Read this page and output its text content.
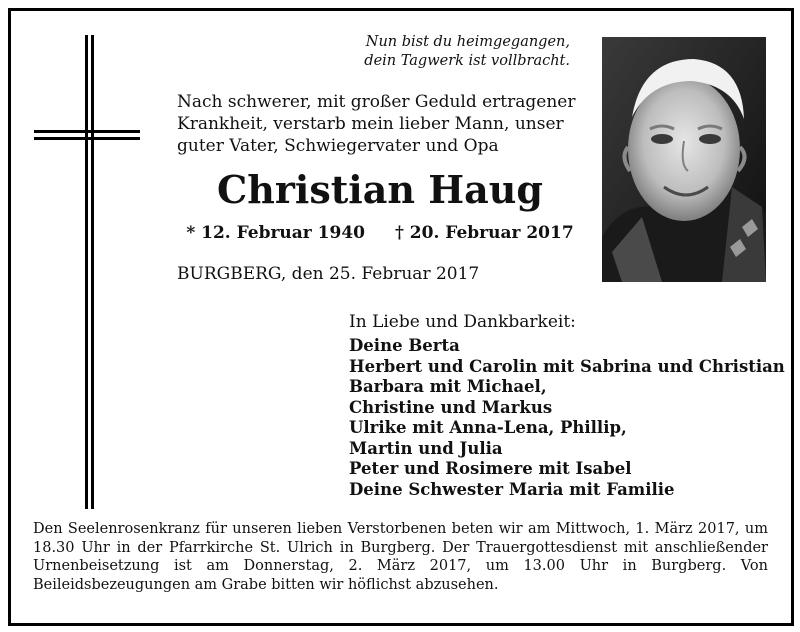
Nun bist du heimgegangen,
dein Tagwerk ist vollbracht.
Nach schwerer, mit großer Geduld ertragener
Krankheit, verstarb mein lieber Mann, unser
guter Vater, Schwiegervater und Opa
Christian Haug
* 12. Februar 1940 † 20. Februar 2017
BURGBERG, den 25. Februar 2017
In Liebe und Dankbarkeit:
Deine Berta
Herbert und Carolin mit Sabrina und Christian
Barbara mit Michael,
Christine und Markus
Ulrike mit Anna-Lena, Phillip,
Martin und Julia
Peter und Rosimere mit Isabel
Deine Schwester Maria mit Familie

Den Seelenrosenkranz für unseren lieben Verstorbenen beten wir am Mittwoch, 1. März 2017, um 18.30 Uhr in der Pfarrkirche St. Ulrich in Burgberg. Der Trauergottesdienst mit anschließender Urnenbeisetzung ist am Donnerstag, 2. März 2017, um 13.00 Uhr in Burgberg. Von Beileidsbezeugungen am Grabe bitten wir höflichst abzusehen.
